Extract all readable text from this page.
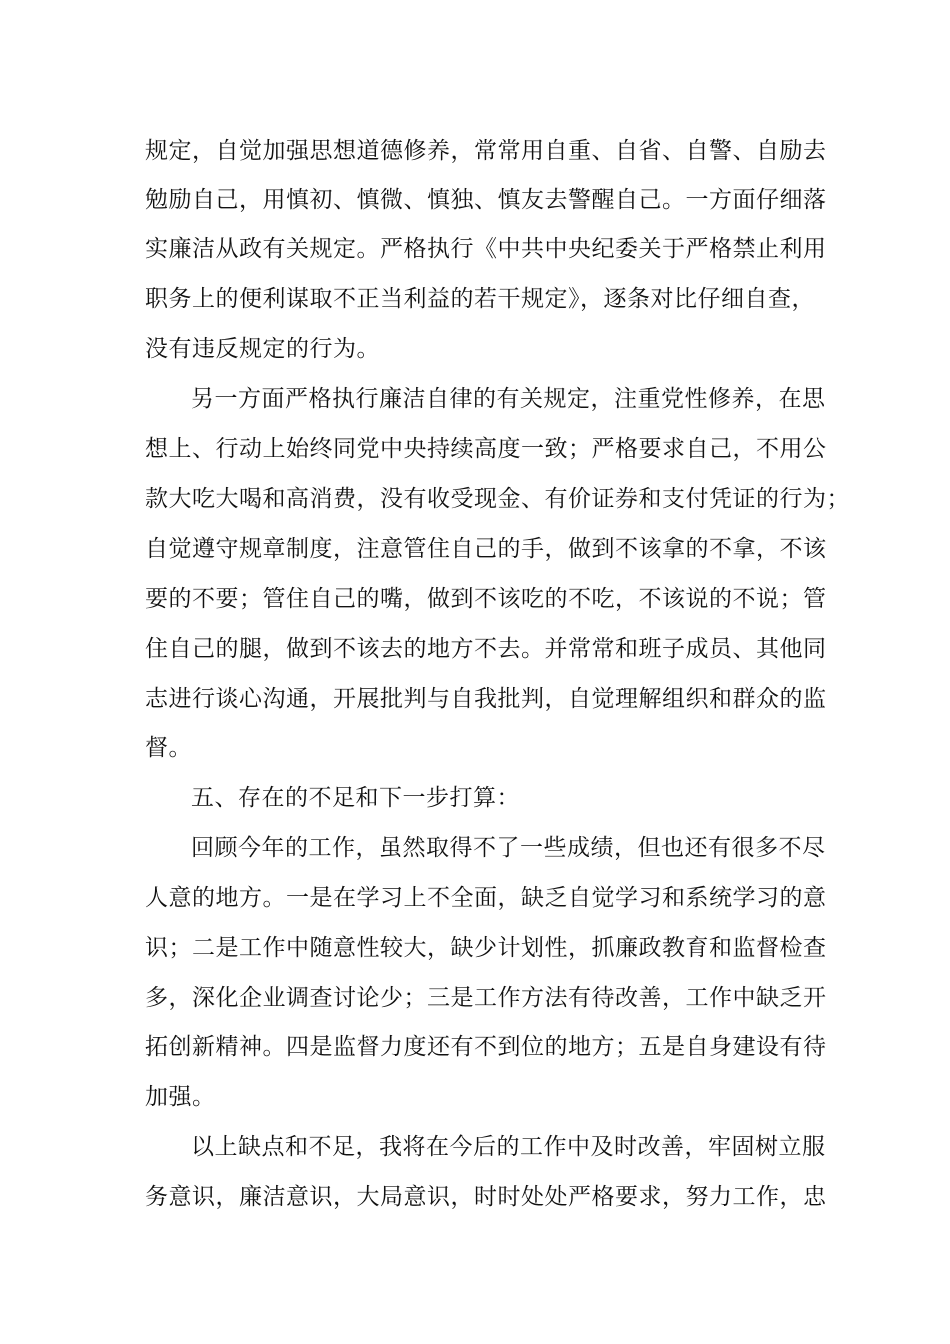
规定，自觉加强思想道德修养，常常用自重、自省、自警、自励去
勉励自己，用慎初、慎微、慎独、慎友去警醒自己。一方面仔细落
实廉洁从政有关规定。严格执行《中共中央纪委关于严格禁止利用
职务上的便利谋取不正当利益的若干规定》，逐条对比仔细自查，
没有违反规定的行为。
另一方面严格执行廉洁自律的有关规定，注重党性修养，在思
想上、行动上始终同党中央持续高度一致；严格要求自己，不用公
款大吃大喝和高消费，没有收受现金、有价证券和支付凭证的行为；
自觉遵守规章制度，注意管住自己的手，做到不该拿的不拿，不该
要的不要；管住自己的嘴，做到不该吃的不吃，不该说的不说；管
住自己的腿，做到不该去的地方不去。并常常和班子成员、其他同
志进行谈心沟通，开展批判与自我批判，自觉理解组织和群众的监
督。
五、存在的不足和下一步打算：
回顾今年的工作，虽然取得不了一些成绩，但也还有很多不尽
人意的地方。一是在学习上不全面，缺乏自觉学习和系统学习的意
识；二是工作中随意性较大，缺少计划性，抓廉政教育和监督检查
多，深化企业调查讨论少；三是工作方法有待改善，工作中缺乏开
拓创新精神。四是监督力度还有不到位的地方；五是自身建设有待
加强。
以上缺点和不足，我将在今后的工作中及时改善，牢固树立服
务意识，廉洁意识，大局意识，时时处处严格要求，努力工作，忠
